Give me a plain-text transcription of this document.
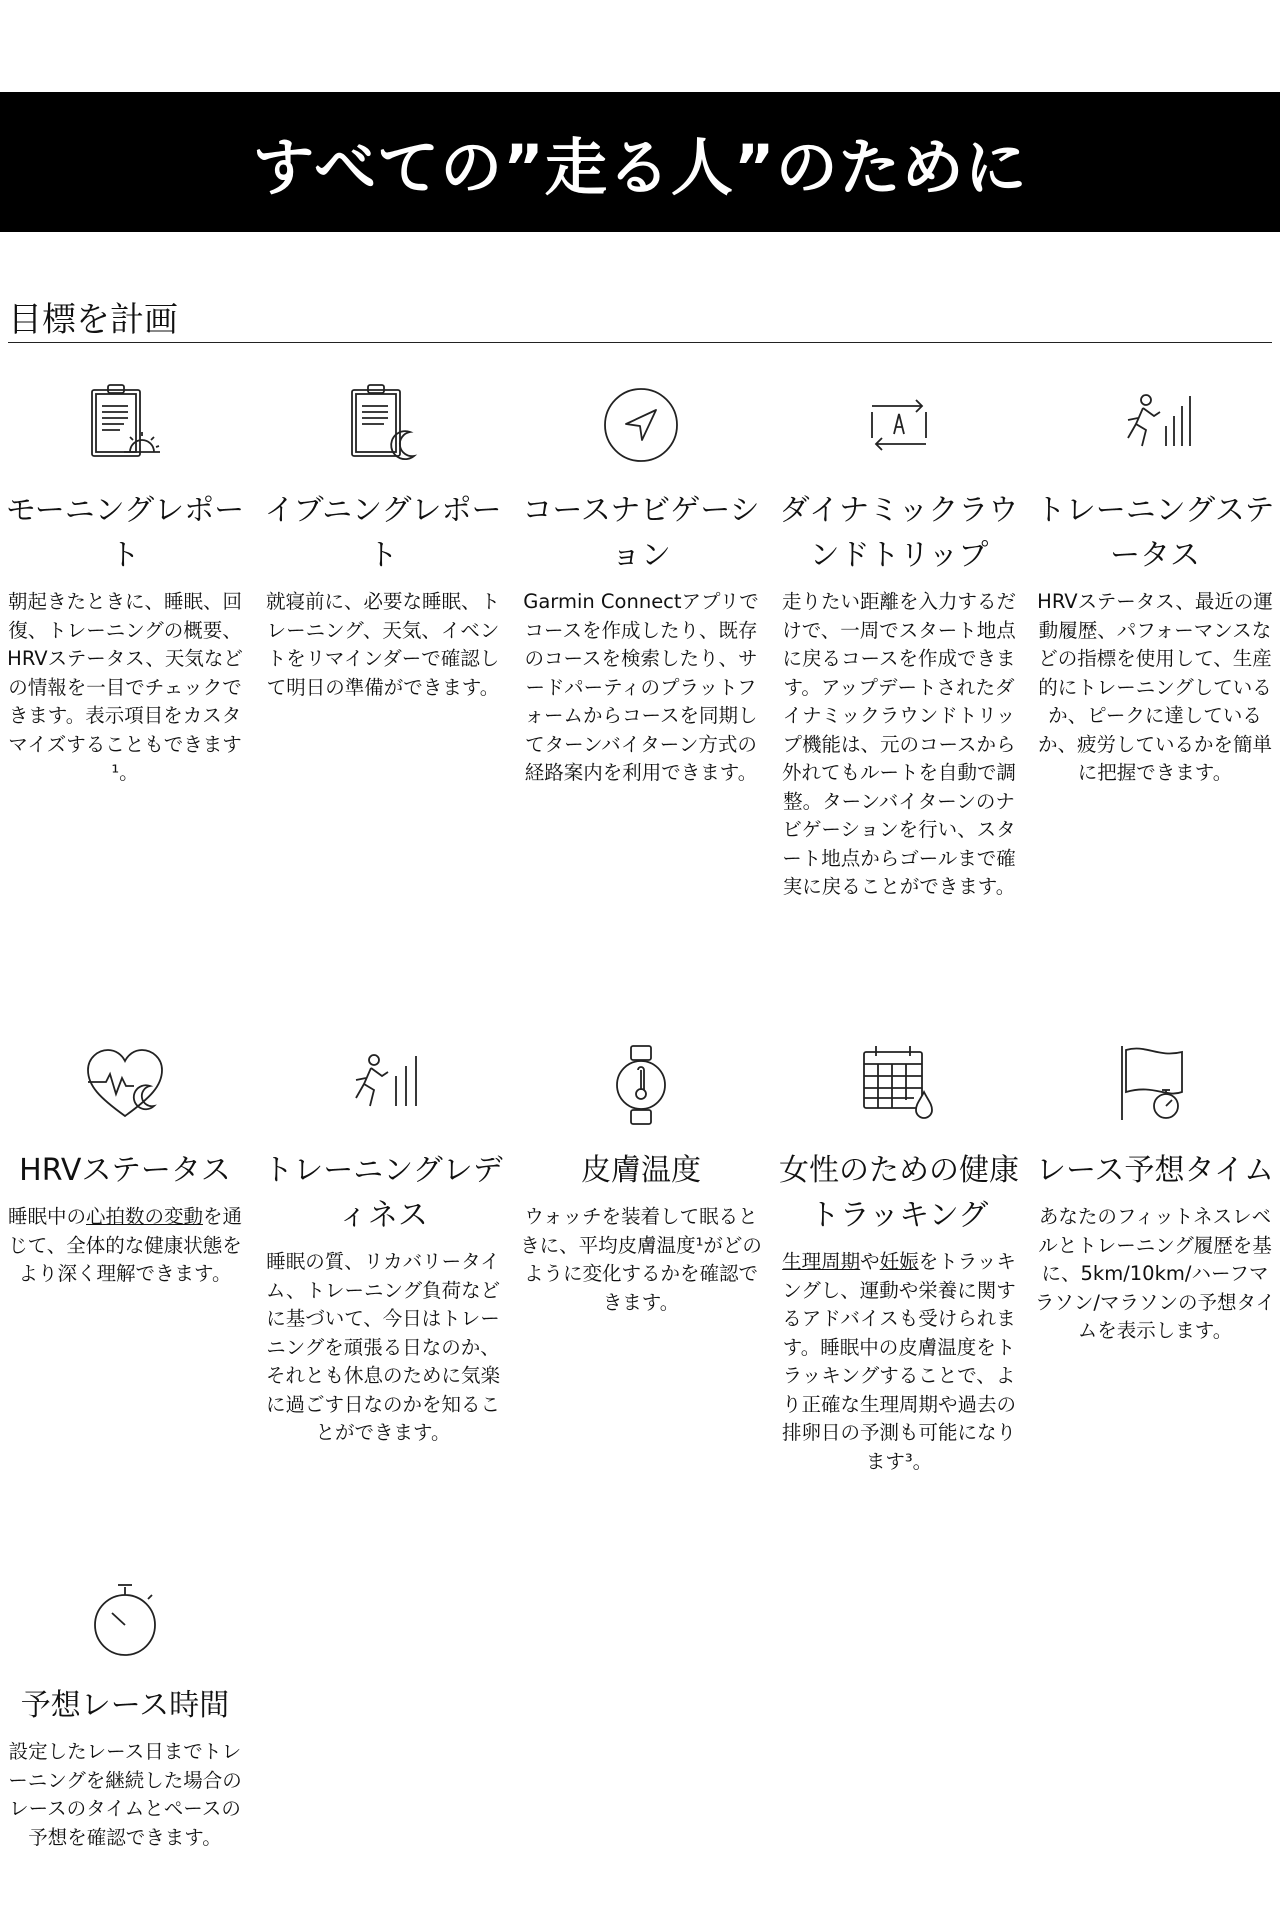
すべての”走る人”のために
目標を計画
モーニングレポート
朝起きたときに、睡眠、回復、トレーニングの概要、HRVステータス、天気などの情報を一目でチェックできます。表示項目をカスタマイズすることもできます¹。
イブニングレポート
就寝前に、必要な睡眠、トレーニング、天気、イベントをリマインダーで確認して明日の準備ができます。
コースナビゲーション
Garmin Connectアプリでコースを作成したり、既存のコースを検索したり、サードパーティのプラットフォームからコースを同期してターンバイターン方式の経路案内を利用できます。
ダイナミックラウンドトリップ
走りたい距離を入力するだけで、一周でスタート地点に戻るコースを作成できます。アップデートされたダイナミックラウンドトリップ機能は、元のコースから外れてもルートを自動で調整。ターンバイターンのナビゲーションを行い、スタート地点からゴールまで確実に戻ることができます。
トレーニングステータス
HRVステータス、最近の運動履歴、パフォーマンスなどの指標を使用して、生産的にトレーニングしているか、ピークに達しているか、疲労しているかを簡単に把握できます。
HRVステータス
睡眠中の心拍数の変動を通じて、全体的な健康状態をより深く理解できます。
トレーニングレディネス
睡眠の質、リカバリータイム、トレーニング負荷などに基づいて、今日はトレーニングを頑張る日なのか、それとも休息のために気楽に過ごす日なのかを知ることができます。
皮膚温度
ウォッチを装着して眠るときに、平均皮膚温度¹がどのように変化するかを確認できます。
女性のための健康トラッキング
生理周期や妊娠をトラッキングし、運動や栄養に関するアドバイスも受けられます。睡眠中の皮膚温度をトラッキングすることで、より正確な生理周期や過去の排卵日の予測も可能になります³。
レース予想タイム
あなたのフィットネスレベルとトレーニング履歴を基に、5km/10km/ハーフマラソン/マラソンの予想タイムを表示します。
予想レース時間
設定したレース日までトレーニングを継続した場合のレースのタイムとペースの予想を確認できます。
